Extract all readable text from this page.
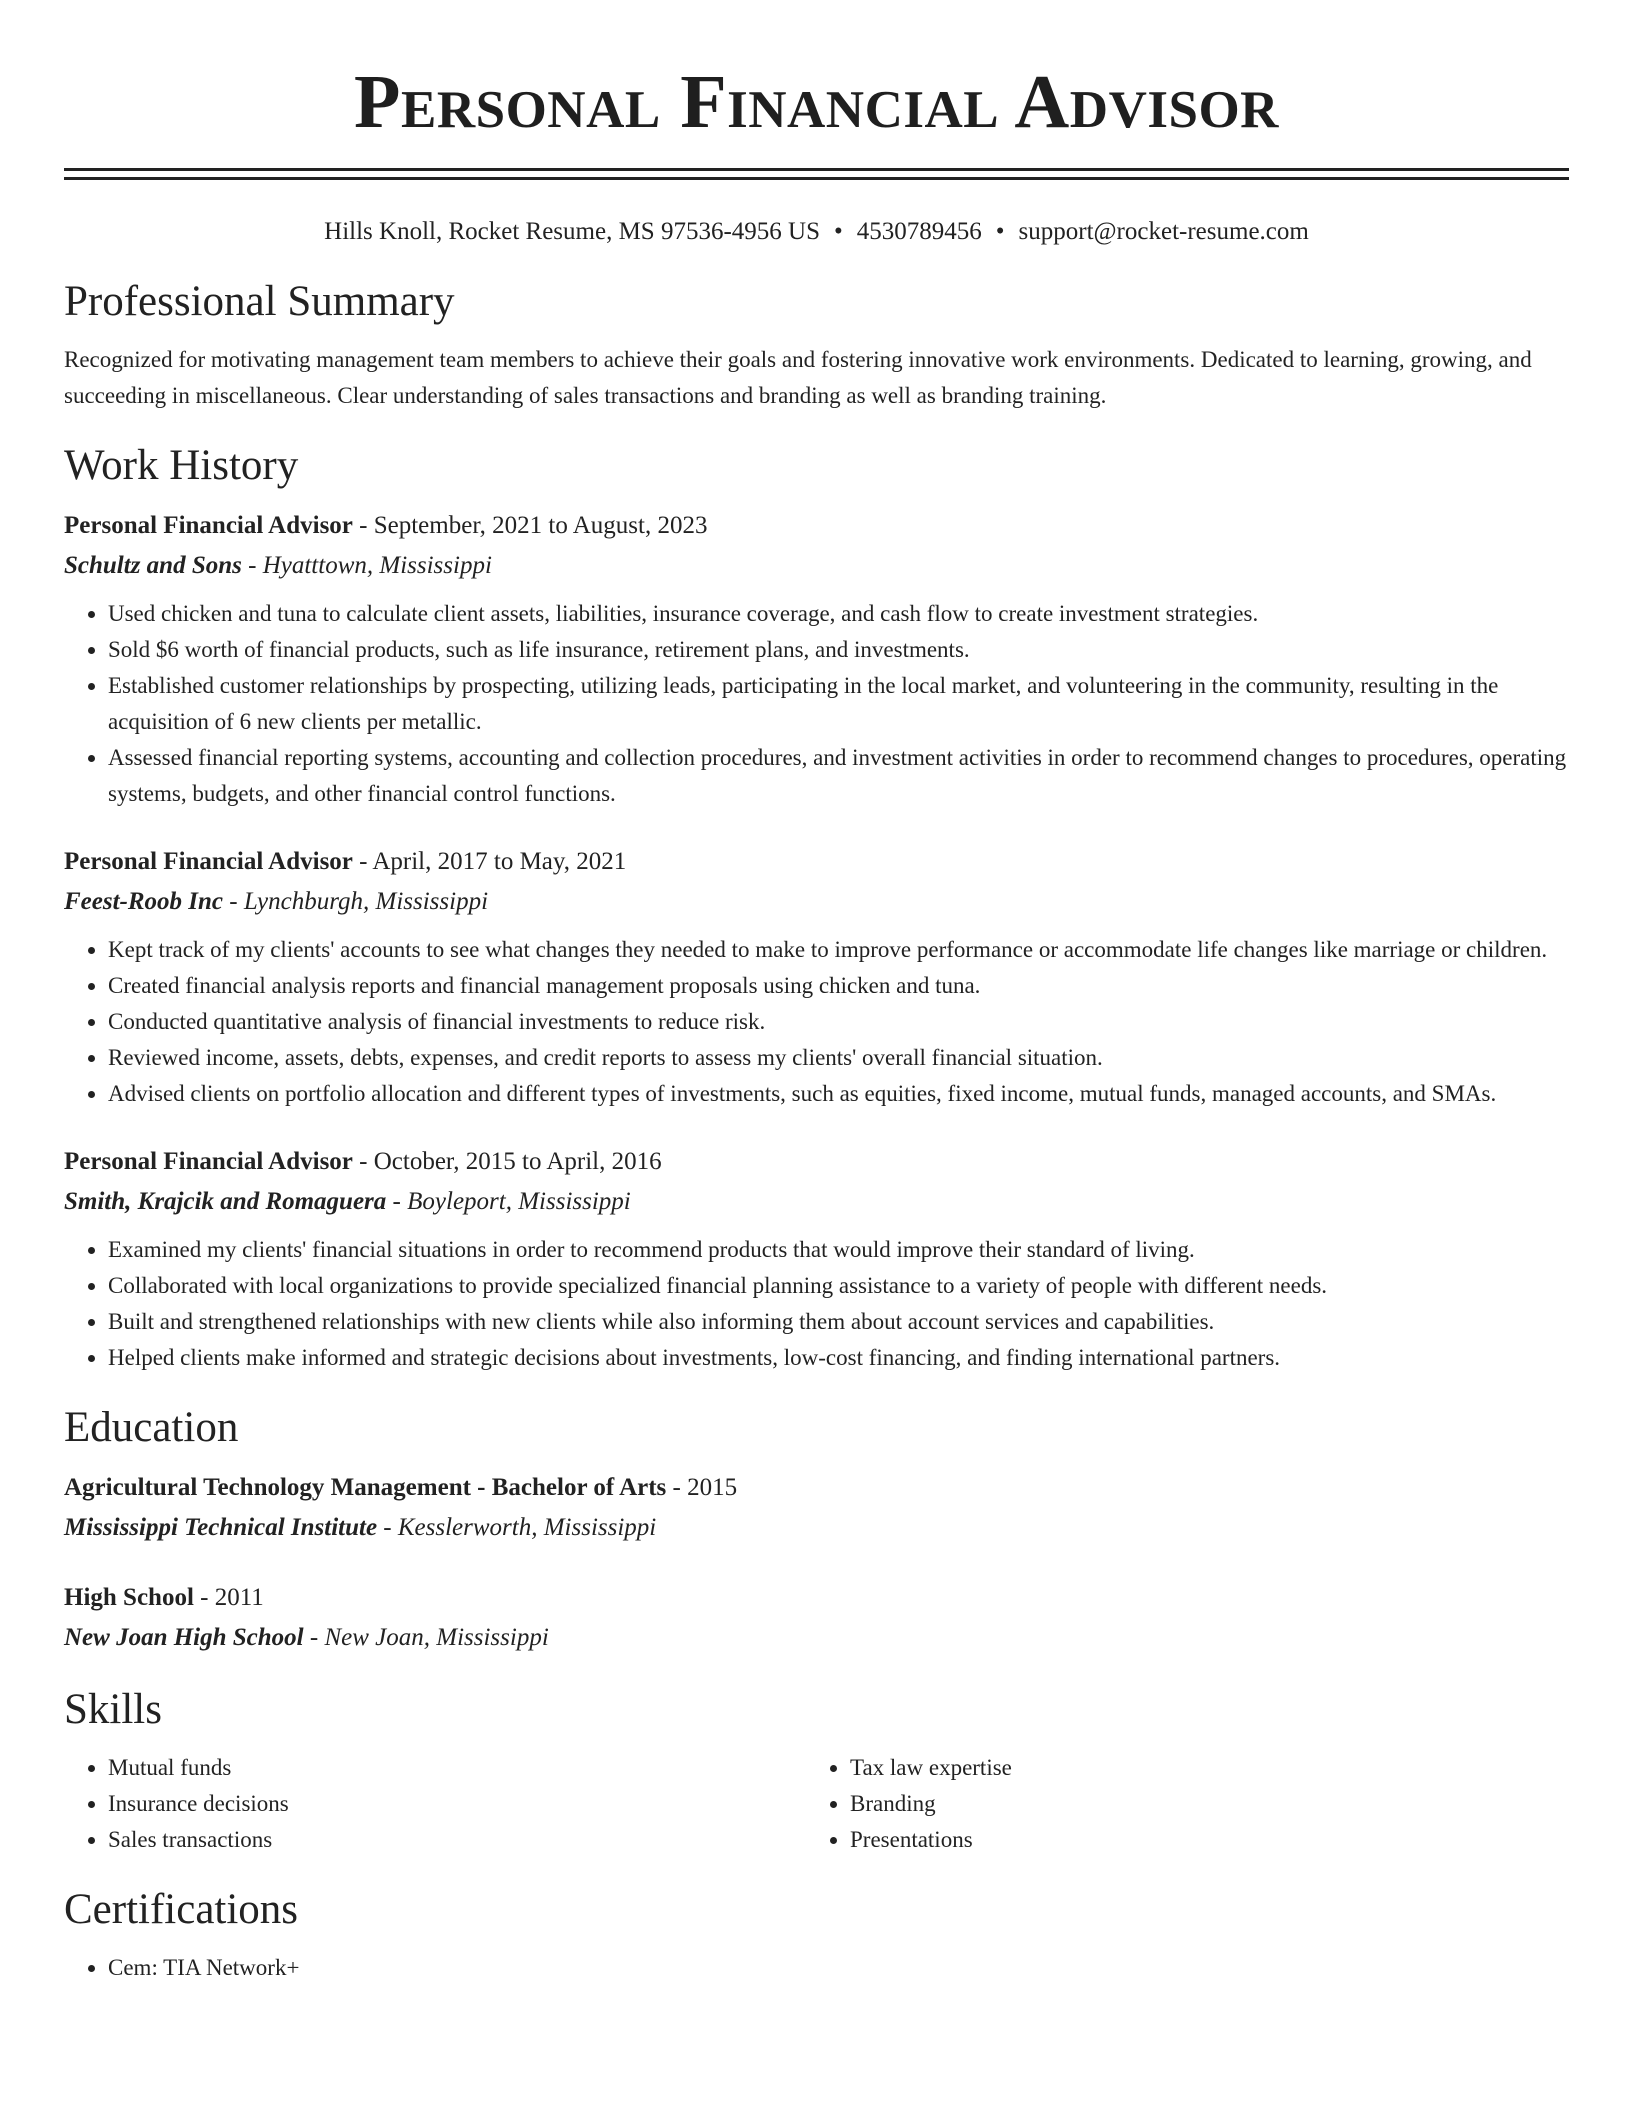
Personal Financial Advisor
Hills Knoll, Rocket Resume, MS 97536-4956 US • 4530789456 • support@rocket-resume.com
Professional Summary

Recognized for motivating management team members to achieve their goals and fostering innovative work environments. Dedicated to learning, growing, and succeeding in miscellaneous. Clear understanding of sales transactions and branding as well as branding training.

Work History
Personal Financial Advisor - September, 2021 to August, 2023
Schultz and Sons - Hyatttown, Mississippi
• Used chicken and tuna to calculate client assets, liabilities, insurance coverage, and cash flow to create investment strategies.
• Sold $6 worth of financial products, such as life insurance, retirement plans, and investments.
• Established customer relationships by prospecting, utilizing leads, participating in the local market, and volunteering in the community, resulting in the acquisition of 6 new clients per metallic.
• Assessed financial reporting systems, accounting and collection procedures, and investment activities in order to recommend changes to procedures, operating systems, budgets, and other financial control functions.
Personal Financial Advisor - April, 2017 to May, 2021
Feest-Roob Inc - Lynchburgh, Mississippi
• Kept track of my clients' accounts to see what changes they needed to make to improve performance or accommodate life changes like marriage or children.
• Created financial analysis reports and financial management proposals using chicken and tuna.
• Conducted quantitative analysis of financial investments to reduce risk.
• Reviewed income, assets, debts, expenses, and credit reports to assess my clients' overall financial situation.
• Advised clients on portfolio allocation and different types of investments, such as equities, fixed income, mutual funds, managed accounts, and SMAs.
Personal Financial Advisor - October, 2015 to April, 2016
Smith, Krajcik and Romaguera - Boyleport, Mississippi
• Examined my clients' financial situations in order to recommend products that would improve their standard of living.
• Collaborated with local organizations to provide specialized financial planning assistance to a variety of people with different needs.
• Built and strengthened relationships with new clients while also informing them about account services and capabilities.
• Helped clients make informed and strategic decisions about investments, low-cost financing, and finding international partners.
Education
Agricultural Technology Management - Bachelor of Arts - 2015
Mississippi Technical Institute - Kesslerworth, Mississippi
High School - 2011
New Joan High School - New Joan, Mississippi
Skills
• Mutual funds
• Insurance decisions
• Sales transactions
• Tax law expertise
• Branding
• Presentations
Certifications
• Cem: TIA Network+
